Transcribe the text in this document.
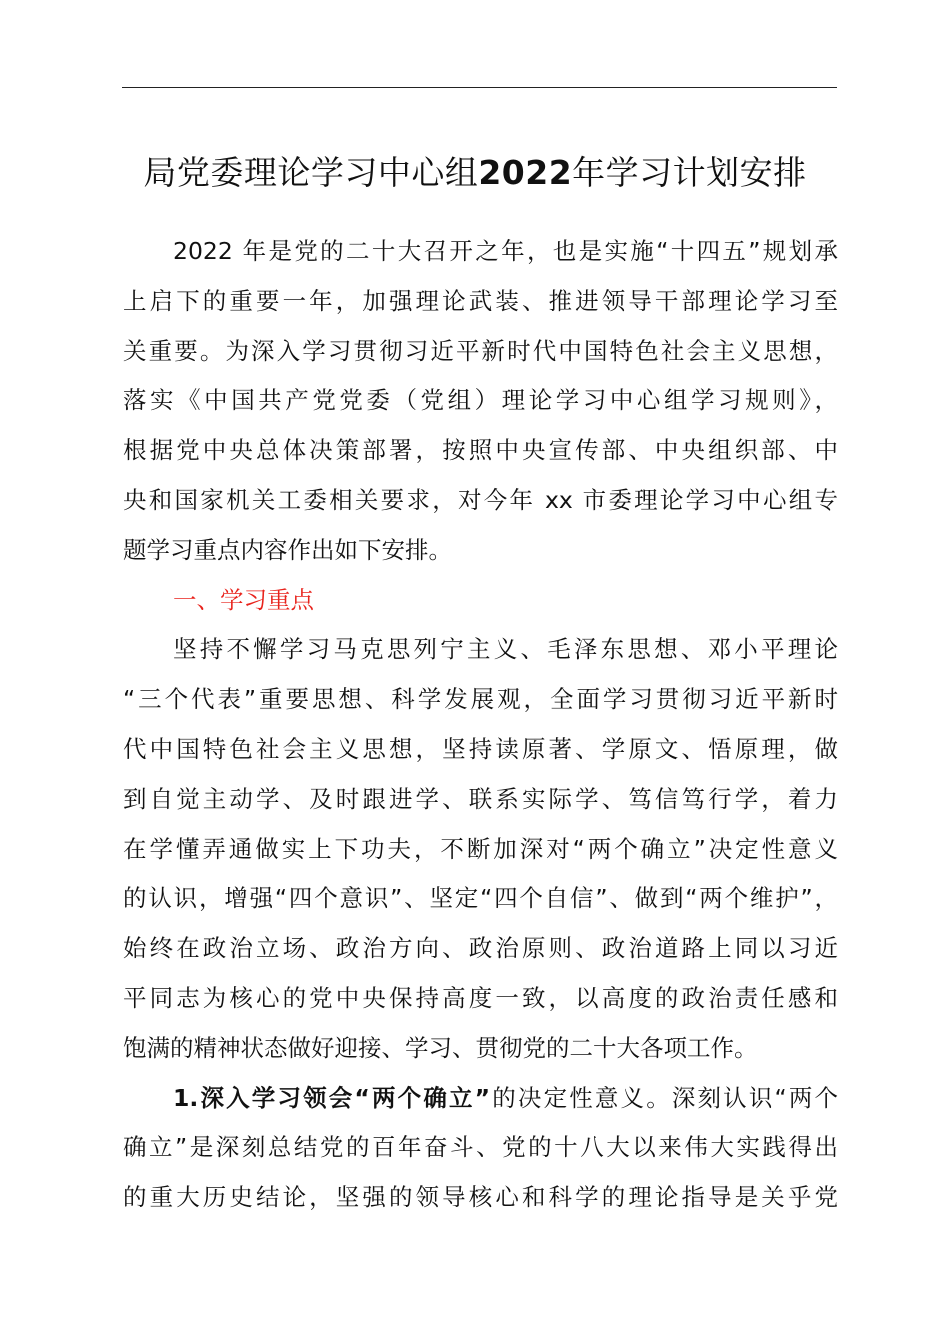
局党委理论学习中心组2022年学习计划安排
2022 年是党的二十大召开之年，也是实施“十四五”规划承
上启下的重要一年，加强理论武装、推进领导干部理论学习至
关重要。为深入学习贯彻习近平新时代中国特色社会主义思想，
落实《中国共产党党委（党组）理论学习中心组学习规则》，
根据党中央总体决策部署，按照中央宣传部、中央组织部、中
央和国家机关工委相关要求，对今年 xx 市委理论学习中心组专
题学习重点内容作出如下安排。
一、学习重点
坚持不懈学习马克思列宁主义、毛泽东思想、邓小平理论
“三个代表”重要思想、科学发展观，全面学习贯彻习近平新时
代中国特色社会主义思想，坚持读原著、学原文、悟原理，做
到自觉主动学、及时跟进学、联系实际学、笃信笃行学，着力
在学懂弄通做实上下功夫，不断加深对“两个确立”决定性意义
的认识，增强“四个意识”、坚定“四个自信”、做到“两个维护”，
始终在政治立场、政治方向、政治原则、政治道路上同以习近
平同志为核心的党中央保持高度一致，以高度的政治责任感和
饱满的精神状态做好迎接、学习、贯彻党的二十大各项工作。
1.深入学习领会“两个确立”的决定性意义。深刻认识“两个
确立”是深刻总结党的百年奋斗、党的十八大以来伟大实践得出
的重大历史结论，坚强的领导核心和科学的理论指导是关乎党
